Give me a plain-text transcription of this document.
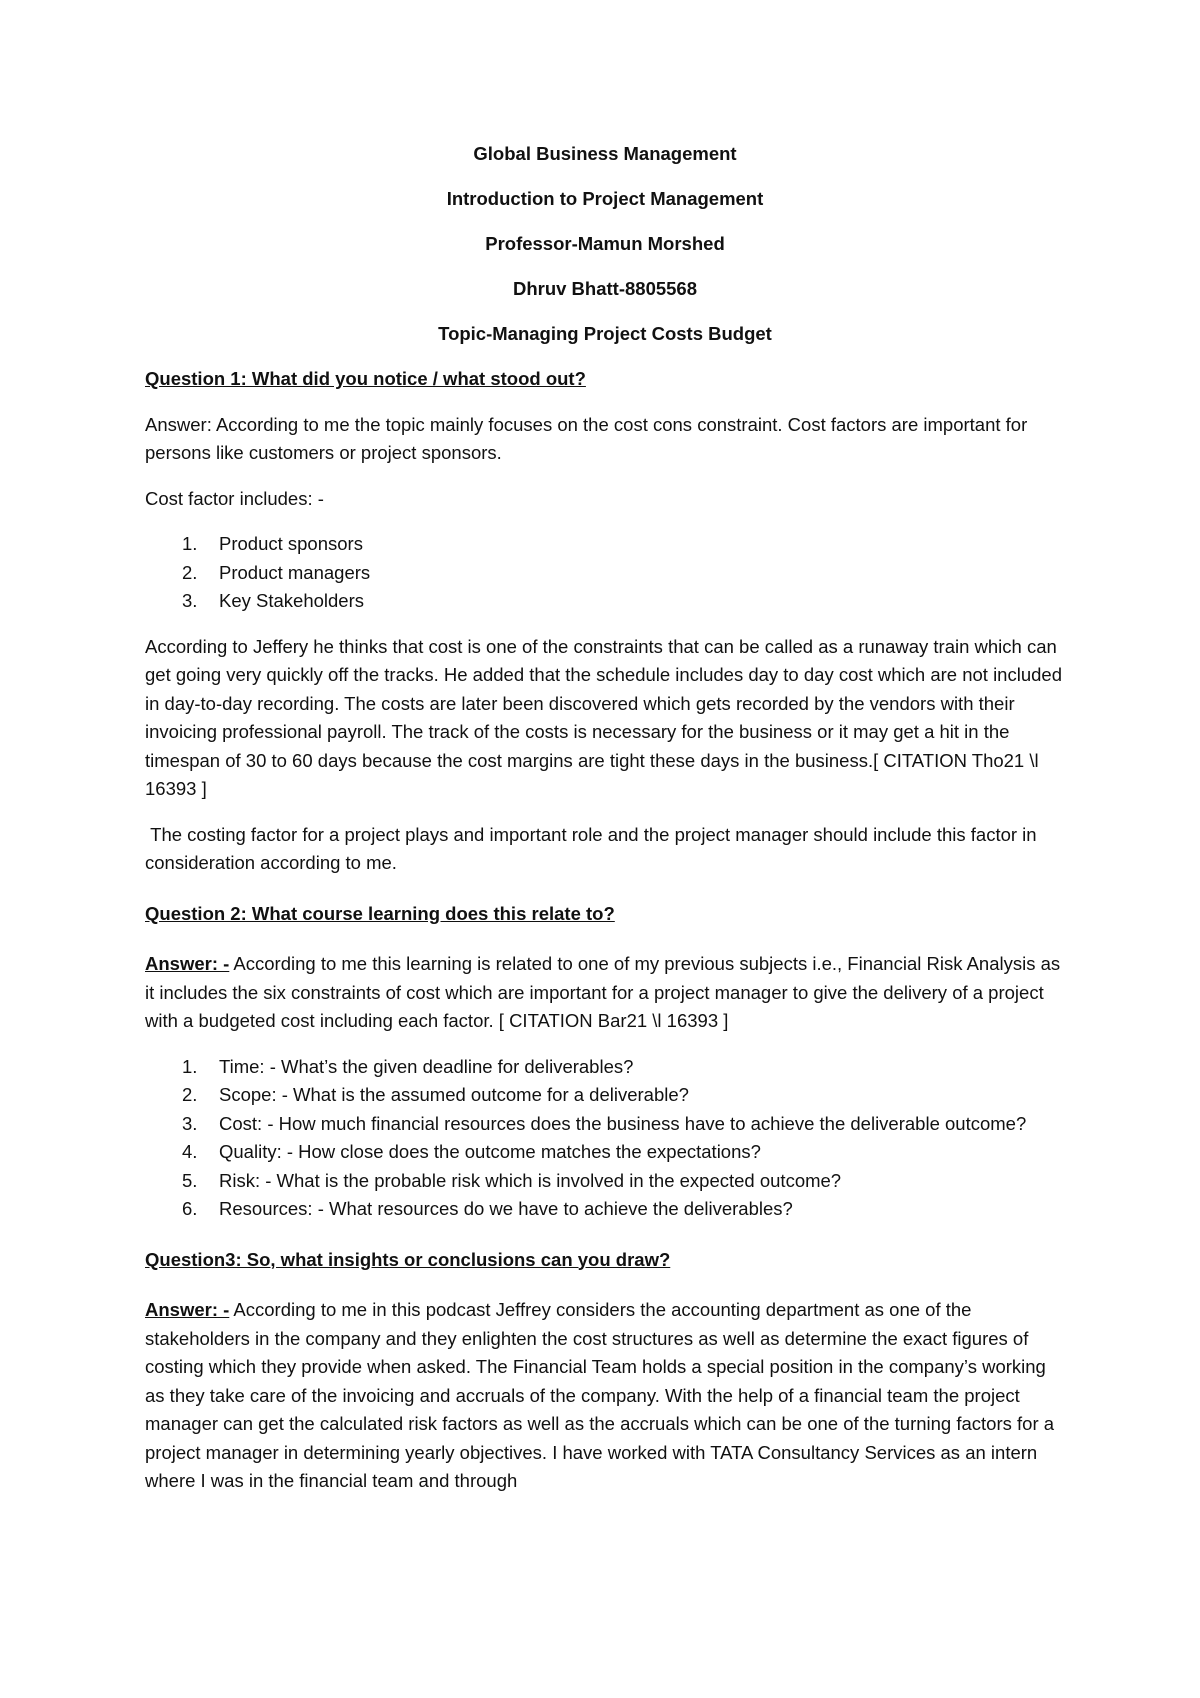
Global Business Management

Introduction to Project Management

Professor-Mamun Morshed

Dhruv Bhatt-8805568

Topic-Managing Project Costs Budget

Question 1: What did you notice / what stood out?

Answer: According to me the topic mainly focuses on the cost cons constraint. Cost factors are important for persons like customers or project sponsors.

Cost factor includes: -

1. Product sponsors
2. Product managers
3. Key Stakeholders

According to Jeffery he thinks that cost is one of the constraints that can be called as a runaway train which can get going very quickly off the tracks. He added that the schedule includes day to day cost which are not included in day-to-day recording. The costs are later been discovered which gets recorded by the vendors with their invoicing professional payroll. The track of the costs is necessary for the business or it may get a hit in the timespan of 30 to 60 days because the cost margins are tight these days in the business.[ CITATION Tho21 \l 16393 ]

The costing factor for a project plays and important role and the project manager should include this factor in consideration according to me.

Question 2: What course learning does this relate to?

Answer: - According to me this learning is related to one of my previous subjects i.e., Financial Risk Analysis as it includes the six constraints of cost which are important for a project manager to give the delivery of a project with a budgeted cost including each factor. [ CITATION Bar21 \l 16393 ]

1. Time: - What’s the given deadline for deliverables?
2. Scope: - What is the assumed outcome for a deliverable?
3. Cost: - How much financial resources does the business have to achieve the deliverable outcome?
4. Quality: - How close does the outcome matches the expectations?
5. Risk: - What is the probable risk which is involved in the expected outcome?
6. Resources: - What resources do we have to achieve the deliverables?

Question3: So, what insights or conclusions can you draw?

Answer: - According to me in this podcast Jeffrey considers the accounting department as one of the stakeholders in the company and they enlighten the cost structures as well as determine the exact figures of costing which they provide when asked. The Financial Team holds a special position in the company’s working as they take care of the invoicing and accruals of the company. With the help of a financial team the project manager can get the calculated risk factors as well as the accruals which can be one of the turning factors for a project manager in determining yearly objectives. I have worked with TATA Consultancy Services as an intern where I was in the financial team and through
